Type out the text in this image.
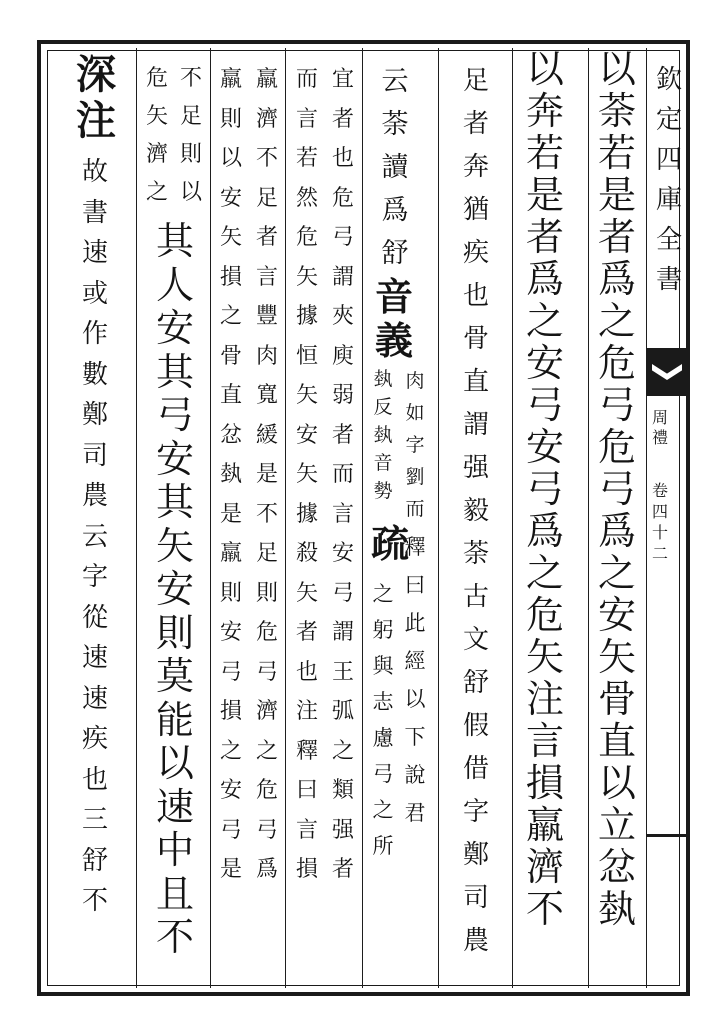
欽定四庫全書
周禮
卷四十二
以荼若是者爲之危弓危弓爲之安矢骨直以立忿埶
以奔若是者爲之安弓安弓爲之危矢注言損羸濟不
足者奔猶疾也骨直謂强毅荼古文舒假借字鄭司農
云荼讀爲舒
音義
埶反埶音勢
疏
之躬與志慮弓之所
肉如字劉而
釋曰此經以下說君
宜者也危弓謂夾庾弱者而言安弓謂王弧之類强者
而言若然危矢據恒矢安矢據殺矢者也注釋曰言損
羸濟不足者言豐肉寬緩是不足則危弓濟之危弓爲
羸則以安矢損之骨直忿埶是羸則安弓損之安弓是
不足則以
危矢濟之
其人安其弓安其矢安則莫能以速中且不
深注
故書速或作數鄭司農云字從速速疾也三舒不
